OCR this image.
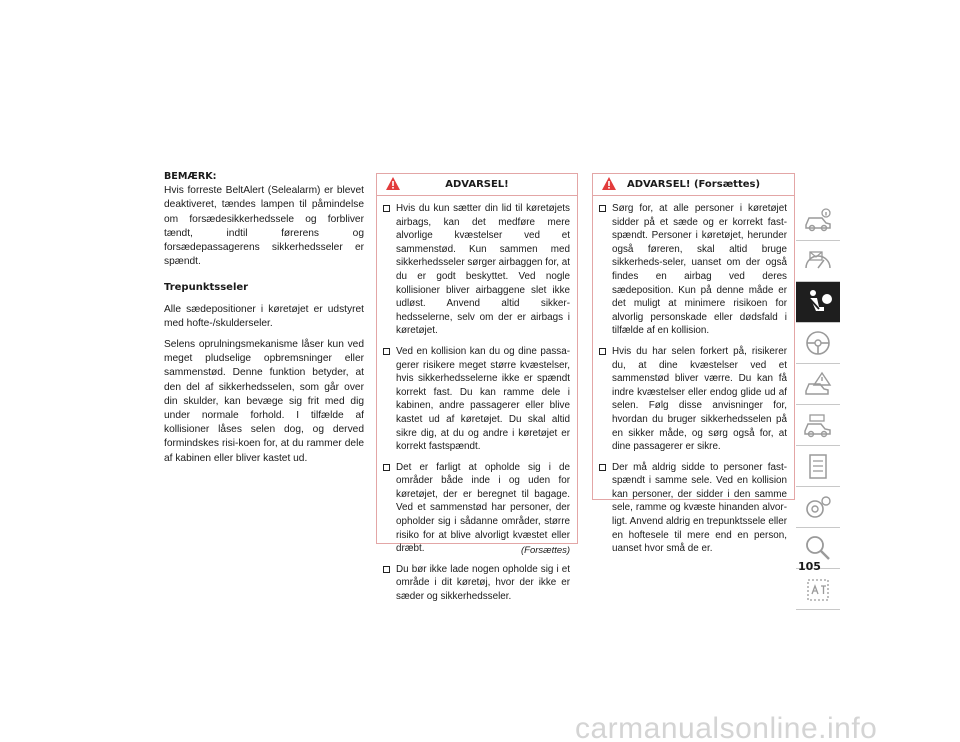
BEMÆRK:

Hvis forreste BeltAlert (Selealarm) er blevet deaktiveret, tændes lampen til påmindelse om forsædesikkerhedssele og forbliver tændt, indtil førerens og forsædepassagerens sikkerhedsseler er spændt.

Trepunktsseler

Alle sædepositioner i køretøjet er udstyret med hofte-/skulderseler.

Selens oprulningsmekanisme låser kun ved meget pludselige opbremsninger eller sammenstød. Denne funktion betyder, at den del af sikkerhedsselen, som går over din skulder, kan bevæge sig frit med dig under normale forhold. I tilfælde af kollisioner låses selen dog, og derved formindskes risi-koen for, at du rammer dele af kabinen eller bliver kastet ud.

ADVARSEL!
Hvis du kun sætter din lid til køretøjets airbags, kan det medføre mere alvorlige kvæstelser ved et sammenstød. Kun sammen med sikkerhedsseler sørger airbaggen for, at du er godt beskyttet. Ved nogle kollisioner bliver airbaggene slet ikke udløst. Anvend altid sikker-hedsselerne, selv om der er airbags i køretøjet.
Ved en kollision kan du og dine passa-gerer risikere meget større kvæstelser, hvis sikkerhedsselerne ikke er spændt korrekt fast. Du kan ramme dele i kabinen, andre passagerer eller blive kastet ud af køretøjet. Du skal altid sikre dig, at du og andre i køretøjet er korrekt fastspændt.
Det er farligt at opholde sig i de områder både inde i og uden for køretøjet, der er beregnet til bagage. Ved et sammenstød har personer, der opholder sig i sådanne områder, større risiko for at blive alvorligt kvæstet eller dræbt.
Du bør ikke lade nogen opholde sig i et område i dit køretøj, hvor der ikke er sæder og sikkerhedsseler.
(Forsættes)
ADVARSEL! (Forsættes)
Sørg for, at alle personer i køretøjet sidder på et sæde og er korrekt fast-spændt. Personer i køretøjet, herunder også føreren, skal altid bruge sikkerheds-seler, uanset om der også findes en airbag ved deres sædeposition. Kun på denne måde er det muligt at minimere risikoen for alvorlig personskade eller dødsfald i tilfælde af en kollision.
Hvis du har selen forkert på, risikerer du, at dine kvæstelser ved et sammenstød bliver værre. Du kan få indre kvæstelser eller endog glide ud af selen. Følg disse anvisninger for, hvordan du bruger sikkerhedsselen på en sikker måde, og sørg også for, at dine passagerer er sikre.
Der må aldrig sidde to personer fast-spændt i samme sele. Ved en kollision kan personer, der sidder i den samme sele, ramme og kvæste hinanden alvor-ligt. Anvend aldrig en trepunktssele eller en hoftesele til mere end en person, uanset hvor små de er.
105
carmanualsonline.info
